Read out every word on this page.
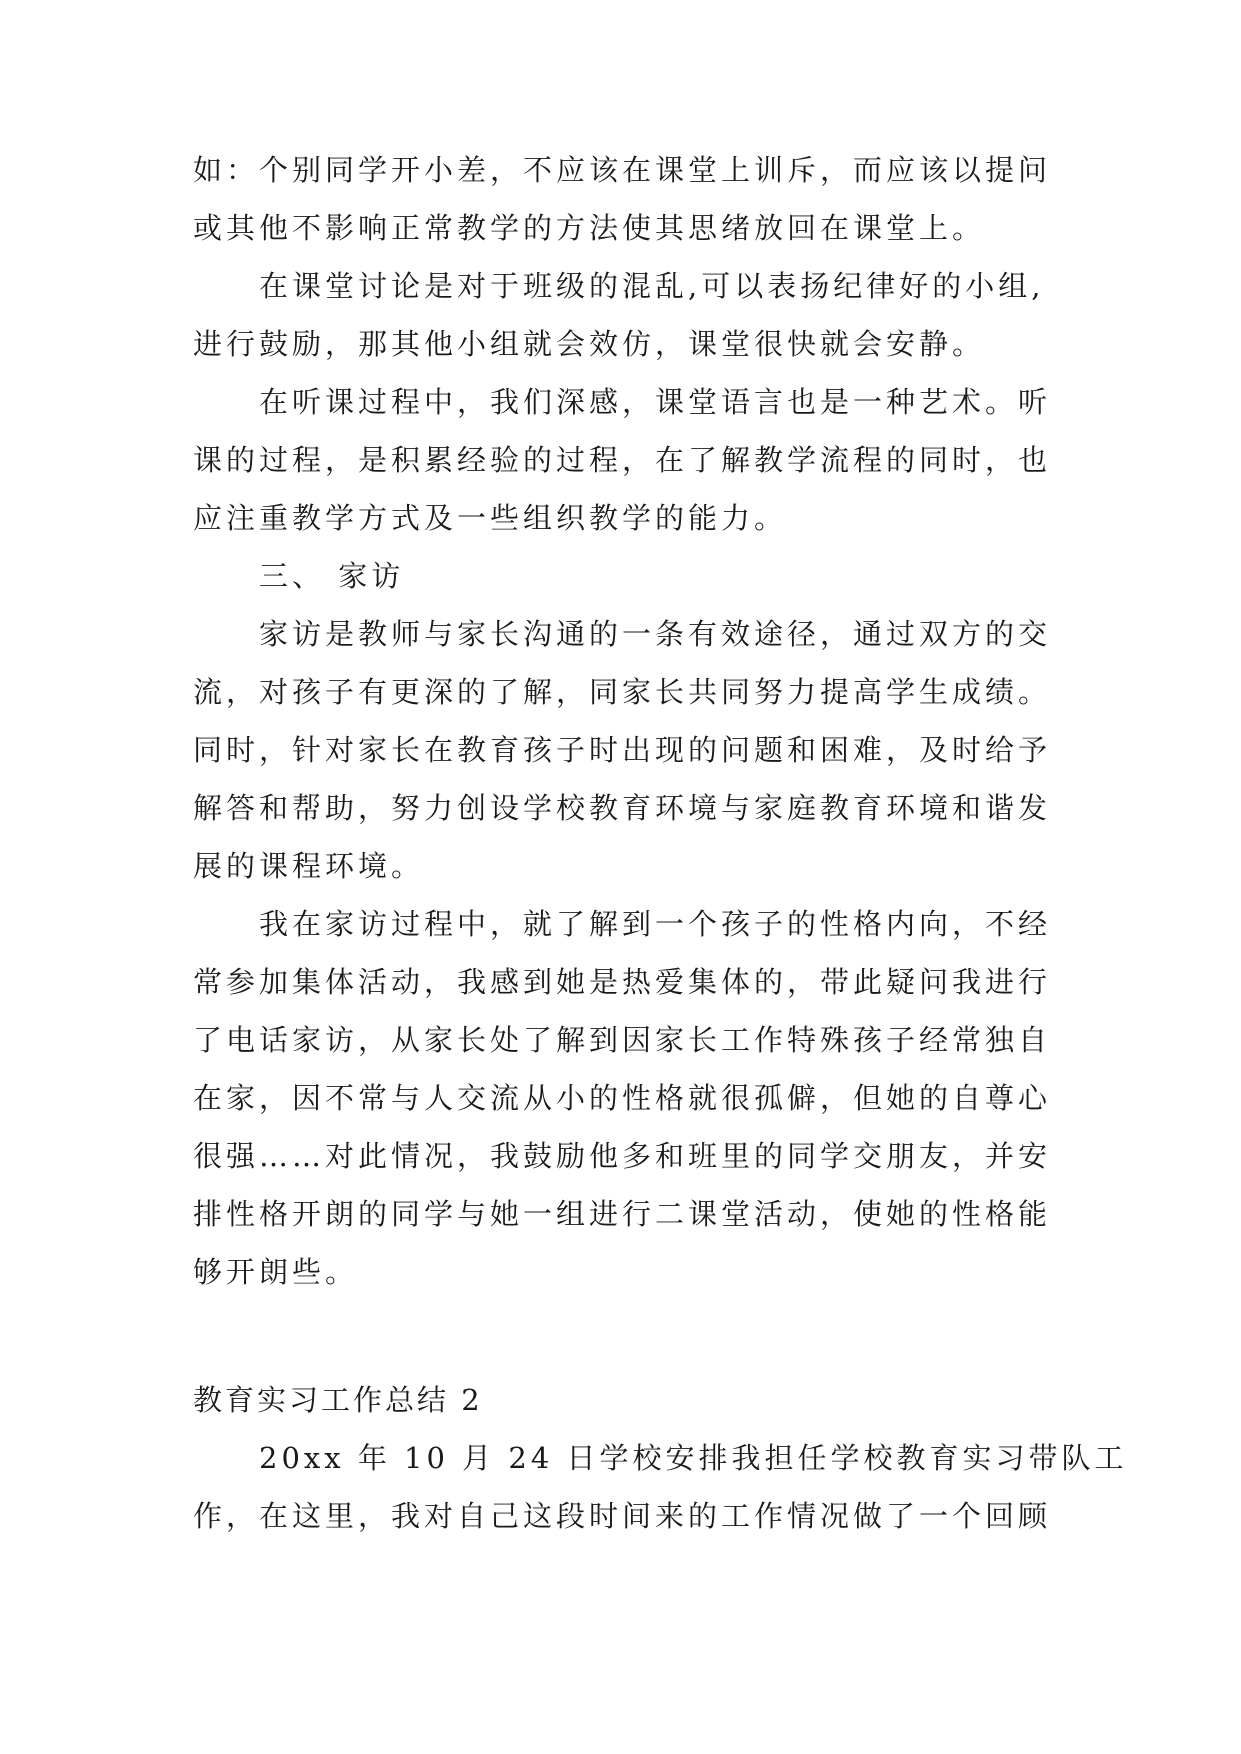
如：个别同学开小差，不应该在课堂上训斥，而应该以提问
或其他不影响正常教学的方法使其思绪放回在课堂上。
在课堂讨论是对于班级的混乱,可以表扬纪律好的小组,
进行鼓励，那其他小组就会效仿，课堂很快就会安静。
在听课过程中，我们深感，课堂语言也是一种艺术。听
课的过程，是积累经验的过程，在了解教学流程的同时，也
应注重教学方式及一些组织教学的能力。
三、 家访
家访是教师与家长沟通的一条有效途径，通过双方的交
流，对孩子有更深的了解，同家长共同努力提高学生成绩。
同时，针对家长在教育孩子时出现的问题和困难，及时给予
解答和帮助，努力创设学校教育环境与家庭教育环境和谐发
展的课程环境。
我在家访过程中，就了解到一个孩子的性格内向，不经
常参加集体活动，我感到她是热爱集体的，带此疑问我进行
了电话家访，从家长处了解到因家长工作特殊孩子经常独自
在家，因不常与人交流从小的性格就很孤僻，但她的自尊心
很强……对此情况，我鼓励他多和班里的同学交朋友，并安
排性格开朗的同学与她一组进行二课堂活动，使她的性格能
够开朗些。
教育实习工作总结 2
20xx 年 10 月 24 日学校安排我担任学校教育实习带队工
作，在这里，我对自己这段时间来的工作情况做了一个回顾
